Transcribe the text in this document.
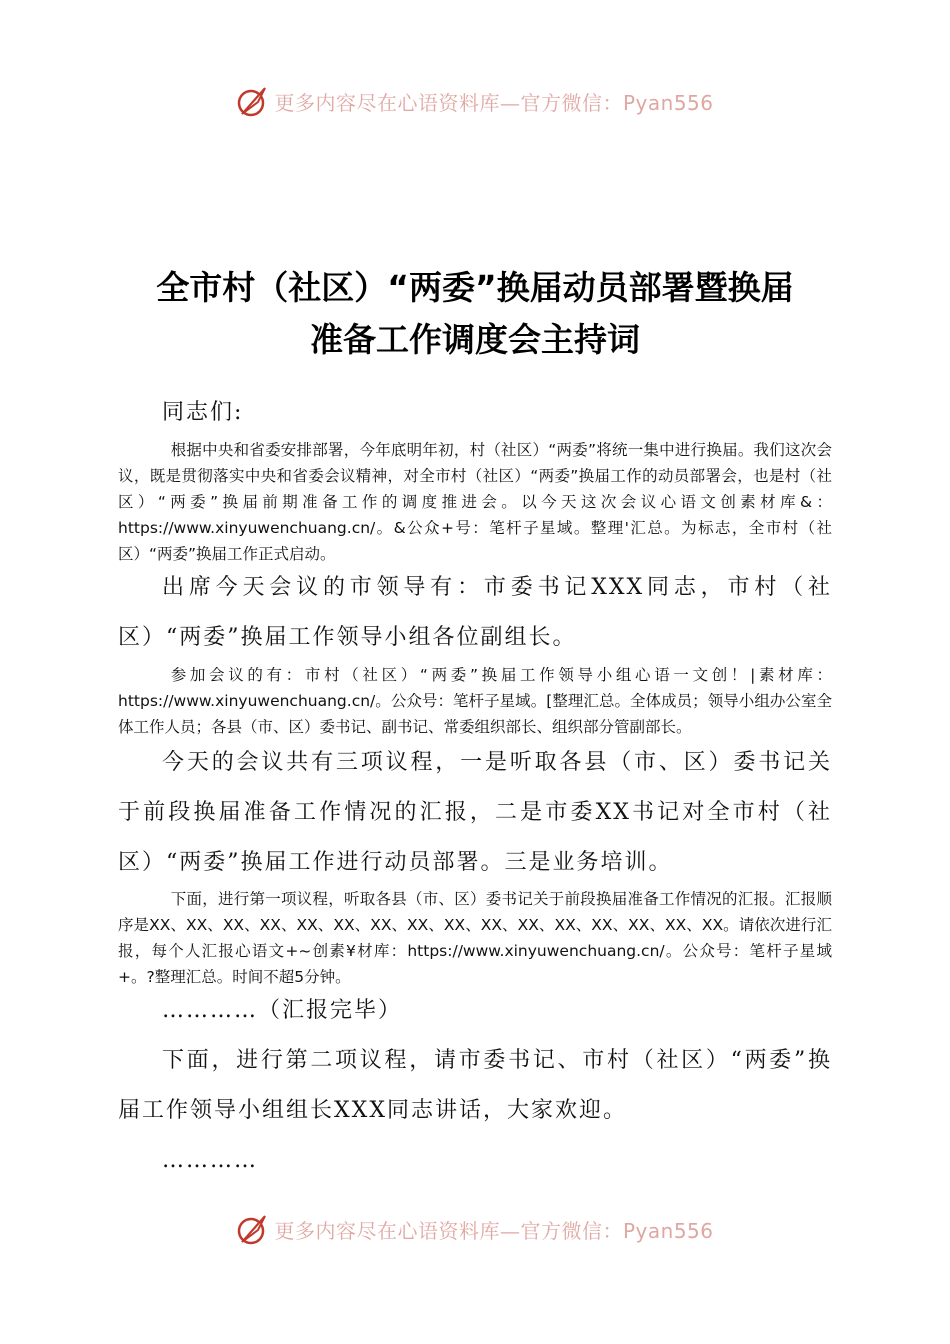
更多内容尽在心语资料库—官方微信：Pyan556
全市村（社区）“两委”换届动员部署暨换届
准备工作调度会主持词

同志们:

根据中央和省委安排部署，今年底明年初，村（社区）“两委”将统一集中进行换届。我们这次会议，既是贯彻落实中央和省委会议精神，对全市村（社区）“两委”换届工作的动员部署会，也是村（社区）“两委”换届前期准备工作的调度推进会。以今天这次会议心语文创素材库&：https://www.xinyuwenchuang.cn/。&公众+号：笔杆子星域。整理'汇总。为标志，全市村（社区）“两委”换届工作正式启动。

出席今天会议的市领导有：市委书记XXX同志，市村（社区）“两委”换届工作领导小组各位副组长。

参加会议的有：市村（社区）“两委”换届工作领导小组心语一文创！|素材库：https://www.xinyuwenchuang.cn/。公众号：笔杆子星域。[整理汇总。全体成员；领导小组办公室全体工作人员；各县（市、区）委书记、副书记、常委组织部长、组织部分管副部长。

今天的会议共有三项议程，一是听取各县（市、区）委书记关于前段换届准备工作情况的汇报，二是市委XX书记对全市村（社区）“两委”换届工作进行动员部署。三是业务培训。

下面，进行第一项议程，听取各县（市、区）委书记关于前段换届准备工作情况的汇报。汇报顺序是XX、XX、XX、XX、XX、XX、XX、XX、XX、XX、XX、XX、XX、XX、XX、XX。请依次进行汇报，每个人汇报心语文+~创素¥材库：https://www.xinyuwenchuang.cn/。公众号：笔杆子星域+。?整理汇总。时间不超5分钟。

…………（汇报完毕）

下面，进行第二项议程，请市委书记、市村（社区）“两委”换届工作领导小组组长XXX同志讲话，大家欢迎。

…………

更多内容尽在心语资料库—官方微信：Pyan556
